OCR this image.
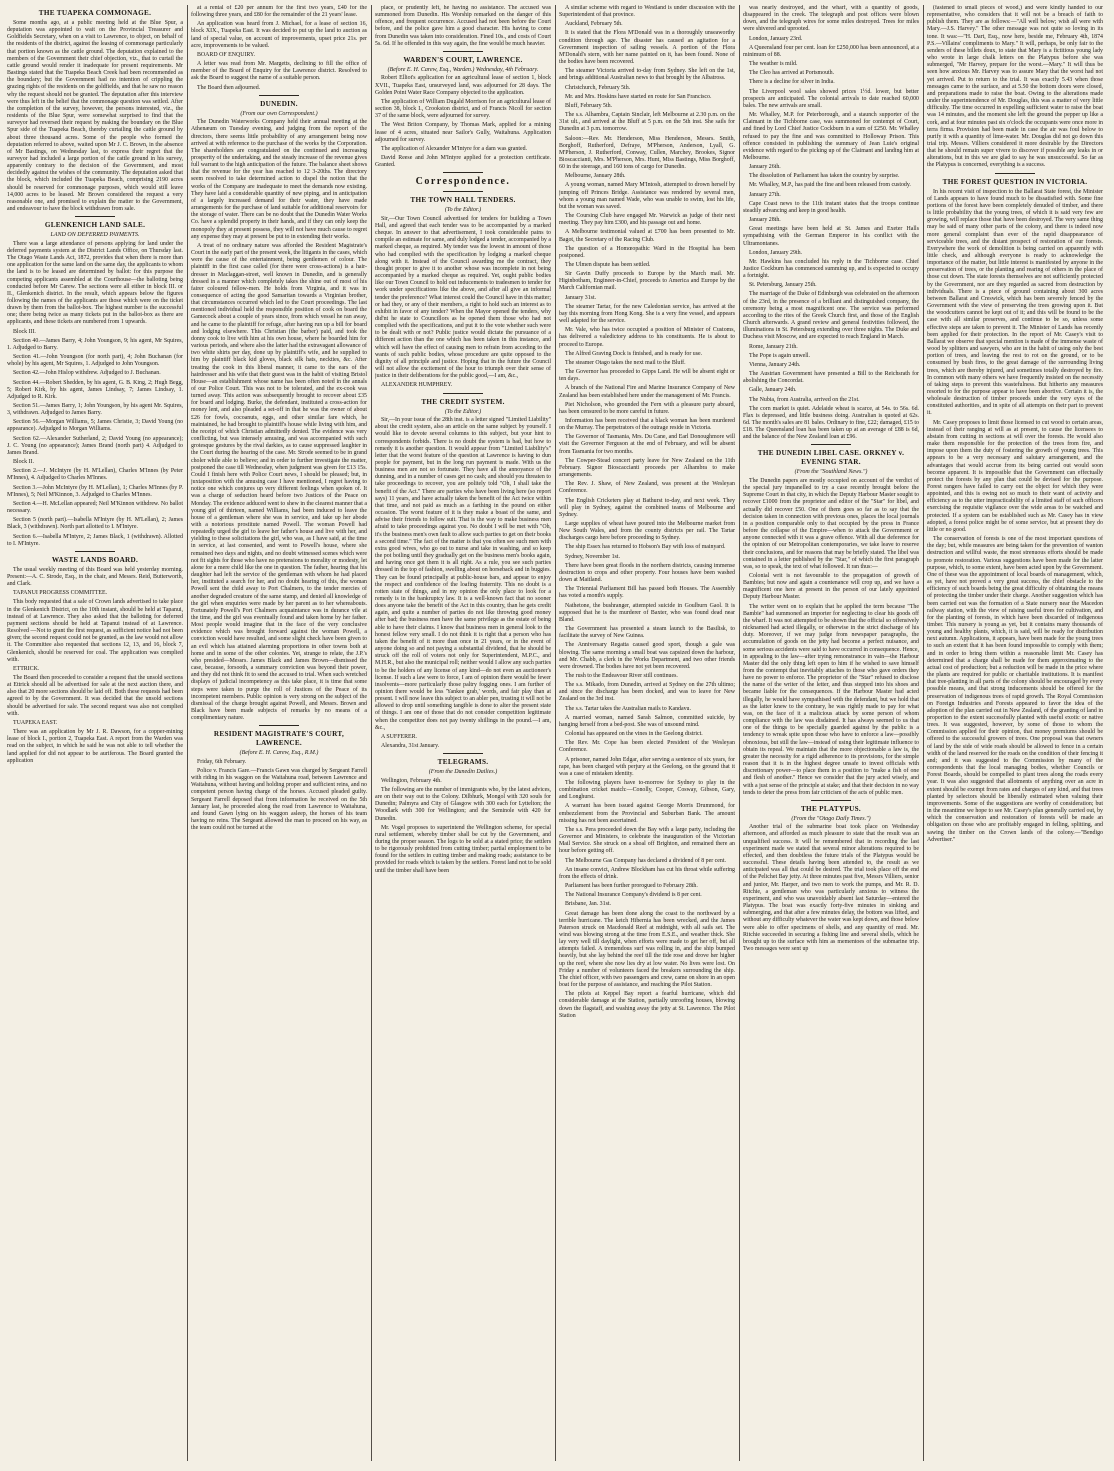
THE TUAPEKA COMMONAGE.

Some months ago, at a public meeting held at the Blue Spur, a deputation was appointed to wait on the Provincial Treasurer and Goldfields Secretary, when on a visit to Lawrence, to object, on behalf of the residents of the district, against the leasing of commonage particularly that portion known as the cattle ground. The deputation explained to the members of the Government their chief objection, viz., that to curtail the cattle ground would render it inadequate for present requirements. Mr Bastings stated that the Tuapeka Beach Creek had been recommended as the boundary; but the Government had no intention of crippling the grazing rights of the residents on the goldfields, and that he saw no reason why the request should not be granted. The deputation after this interview were thus left in the belief that the commonage question was settled. After the completion of the survey, however, the persons interested, viz., the residents of the Blue Spur, were somewhat surprised to find that the surveyor had reversed their request by making the boundary on the Blue Spur side of the Tuapeka Beach, thereby curtailing the cattle ground by about three thousand acres. Some of the people who formed the deputation referred to above, waited upon Mr J. C. Brown, in the absence of Mr Bastings, on Wednesday last, to express their regret that the surveyor had included a large portion of the cattle ground in his survey, apparently contrary to the decision of the Government, and most decidedly against the wishes of the community. The deputation asked that the block, which included the Tuapeka Beach, comprising 2190 acres should be reserved for commonage purposes, which would still leave 14,000 acres to be leased. Mr Brown considered the request a very reasonable one, and promised to explain the matter to the Government, and endeavour to have the block withdrawn from sale.

GLENKENICH LAND SALE.
LAND ON DEFERRED PAYMENTS.

There was a large attendance of persons applying for land under the deferred payments system at the District Lands Office, on Thursday last. The Otago Waste Lands Act, 1872, provides that when there is more than one application for the same land on the same day, the applicants to whom the land is to be leased are determined by ballot: for this purpose the competing applicants assembled at the Courthouse—the balloting being conducted before Mr Carew. The sections were all either in block III. or II., Glenkenich district. In the result, which appears below the figures following the names of the applicants are those which were on the ticket drawn by them from the ballot-box. The highest number is the successful one; there being twice as many tickets put in the ballot-box as there are applicants, and these tickets are numbered from 1 upwards.

Block III.

Section 40.—James Barry, 4; John Youngson, 9; his agent, Mr Squires, 1. Adjudged to Barry.

Section 41.—John Youngson (for north part), 4; John Buchanan (for whole) by his agent, Mr Squires, 1. Adjudged to John Youngson.

Section 42.—John Hislop withdrew. Adjudged to J. Buchanan.

Section 44.—Robert Shedden, by his agent, G. B. King, 2; Hugh Begg, 5; Robert Kirk, by his agent, James Lindsay, 7; James Lindsay, 1. Adjudged to R. Kirk.

Section 51.—James Barry, 1; John Youngson, by his agent Mr. Squires, 3, withdrawn. Adjudged to James Barry.

Section 56.—Morgan Williams, 5; James Christie, 3; David Young (no appearance). Adjudged to Morgan Williams.

Section 62.—Alexander Sutherland, 2; David Young (no appearance); J. C. Young (no appearance); James Brand (north part) 4. Adjudged to James Brand.

Block II.

Section 2.—J. McIntyre (by H. M'Lellan), Charles M'Innes (by Peter M'Innes), 4. Adjudged to Charles M'Innes.

Section 3.—John McIntyre (by H. M'Lellan), 1; Charles M'Innes (by P. M'Innes), 5; Neil M'Kinnon, 3. Adjudged to Charles M'Innes.

Section 4.—H. McLellan appeared; Neil M'Kinnon withdrew. No ballot necessary.

Section 5 (north part).—Isabella M'Intyre (by H. M'Lellan), 2; James Black, 3 (withdrawn). North part allotted to I. M'Intyre.

Section 6.—Isabella M'Intyre, 2; James Black, 1 (withdrawn). Allotted to I. M'Intyre.

WASTE LANDS BOARD.

The usual weekly meeting of this Board was held yesterday morning. Present:—A. C. Strode, Esq., in the chair, and Messrs. Reid, Butterworth, and Clark.

TAPANUI PROGRESS COMMITTEE.

This body requested that a sale of Crown lands advertised to take place in the Glenkenich District, on the 10th instant, should be held at Tapanui, instead of at Lawrence. They also asked that the balloting for deferred payment sections should be held at Tapanui instead of at Lawrence. Resolved —Not to grant the first request, as sufficient notice had not been given; the second request could not be granted, as the law would not allow it. The Committee also requested that sections 12, 13, and 16, block 7, Glenkenich, should be reserved for coal. The application was complied with.

ETTRICK.

The Board then proceeded to consider a request that the unsold sections at Ettrick should all be advertised for sale at the next auction there, and also that 20 more sections should be laid off. Both these requests had been agreed to by the Government. It was decided that the unsold sections should be advertised for sale. The second request was also not complied with.

TUAPEKA EAST.

There was an application by Mr J. R. Dawson, for a copper-mining lease of block I., portion 2, Tuapeka East. A report from the Warden was read on the subject, in which he said he was not able to tell whether the land applied for did not appear to be auriferous. The Board granted the application

at a rental of £20 per annum for the first two years, £40 for the following three years, and £80 for the remainder of the 21 years' lease.

An application was heard from J. Michael, for a lease of section 16, block XIX., Tuapeka East. It was decided to put up the land to auction as land of special value, on account of improvements, upset price 21s. per acre, improvements to be valued.

BOARD OF ENQUIRY.

A letter was read from Mr. Margetts, declining to fill the office of member of the Board of Enquiry for the Lawrence district. Resolved to ask the Board to suggest the name of a suitable person.

The Board then adjourned.

DUNEDIN.
(From our own Correspondent.)

The Dunedin Waterworks Company held their annual meeting at the Athenæum on Tuesday evening, and judging from the report of the directors, there seems little probability of any arrangement being now arrived at with reference to the purchase of the works by the Corporation. The shareholders are congratulated on the continued and increasing prosperity of the undertaking, and the steady increase of the revenue gives full warrant to the high anticipation of the future. The balance sheet shows that the revenue for the year has reached to 12 3-20ths. The directory seem resolved to take determined action to dispel the notion that the works of the Company are inadequate to meet the demands now existing. They have laid a considerable quantity of new piping, and in anticipation of a largely increased demand for their water, they have made arrangements for the purchase of land suitable for additional reservoirs for the storage of water. There can be no doubt that the Dunedin Water Works Co. have a splendid property in their hands, and if they can only keep the monopoly they at present possess, they will not have much cause to regret any expense they may at present be put to in extending their works.

A treat of no ordinary nature was afforded the Resident Magistrate's Court in the early part of the present week, the litigants in the cases, which were the cause of the entertainment, being gentlemen of colour. The plaintiff in the first case called (for there were cross-actions) is a hair-dresser in Maclaggan-street, well known in Dunedin, and is generally dressed in a manner which completely takes the shine out of most of his fairer coloured fellow-men. He holds from Virginia, and it was in consequence of acting the good Samaritan towards a Virginian brother, that circumstances occurred which led to the Court proceedings. The last mentioned individual held the responsible position of cook on board the Gamecock about a couple of years since, from which vessel he ran away, and he came to the plaintiff for refuge, after having run up a bill for board and lodging elsewhere. This Christian (the barber) paid, and took the donny cook to live with him at his own house, where he boarded him for various periods, and where also the latter had the extravagant allowance of two white shirts per day, done up by plaintiff's wife, and he supplied to him by plaintiff black kid gloves, black silk hats, neckties, &c. After treating the cook in this liberal manner, it came to the ears of the hairdresser and his wife that their guest was in the habit of visiting Bristol House—an establishment whose name has been often noted in the annals of our Police Court. This was not to be tolerated, and the ex-cook was turned away. This action was subsequently brought to recover about £35 for board and lodging. Burke, the defendant, instituted a cross-action for money lent, and also pleaded a set-off in that he was the owner of about £26 for fowls, cocoanuts, eggs, and other similar fare which, he maintained, he had brought to plaintiff's house while living with him, and the receipt of which Christian admittedly denied. The evidence was very conflicting, but was intensely amusing, and was accompanied with such grotesque gestures by the rival darkies, as to cause suppressed laughter in the Court during the hearing of the case. Mr. Strode seemed to be in grand choler while able to believe; and in order to further investigate the matter, postponed the case till Wednesday, when judgment was given for £13 15s. Could I finish here with Police Court news, I should be pleased; but, in juxtaposition with the amusing case I have mentioned, I regret having to notice one which conjures up very different feelings when spoken of. It was a charge of seduction heard before two Justices of the Peace on Monday. The evidence adduced went to shew in the clearest manner that a young girl of thirteen, named Williams, had been induced to leave the house of a gentleman where she was in service, and take up her abode with a notorious prostitute named Powell. The woman Powell had repeatedly urged the girl to leave her father's house and live with her, and yielding to these solicitations the girl, who was, as I have said, at the time in service, at last consented, and went to Powell's house, where she remained two days and nights, and no doubt witnessed scenes which were not fit sights for those who have no pretensions to morality or modesty, let alone for a mere child like the one in question. The father, hearing that his daughter had left the service of the gentleman with whom he had placed her, instituted a search for her, and no doubt hearing of this, the woman Powell sent the child away to Port Chalmers, to the tender mercies of another degraded creature of the same stamp, and denied all knowledge of the girl when enquiries were made by her parent as to her whereabouts. Fortunately Powell's Port Chalmers acquaintance was in durance vile at the time, and the girl was eventually found and taken home by her father. Most people would imagine that in the face of the very conclusive evidence which was brought forward against the woman Powell, a conviction would have resulted, and some slight check have been given to an evil which has attained alarming proportions in other towns both at home and in some of the other colonies. Yet, strange to relate, the J.P.'s who presided—Messrs. James Black and James Brown—dismissed the case, because, forsooth, a summary conviction was beyond their power, and they did not think fit to send the accused to trial. When such wretched displays of judicial incompetency as this take place, it is time that some steps were taken to purge the roll of Justices of the Peace of its incompetent members. Public opinion is very strong on the subject of the dismissal of the charge brought against Powell, and Messrs. Brown and Black have been made subjects of remarks by no means of a complimentary nature.

RESIDENT MAGISTRATE'S COURT, LAWRENCE.
(Before E. H. Carew, Esq., R.M.)

Friday, 6th February.

Police v. Francis Gare.—Francis Gawn was charged by Sergeant Farrell with riding in his waggon on the Waitahuna road, between Lawrence and Waitahuna, without having and holding proper and sufficient reins, and no competent person having charge of the horses. Accused pleaded guilty. Sergeant Farrell deposed that from information he received on the 5th January last, he proceeded along the road from Lawrence to Waitahuna, and found Gawn lying on his waggon asleep, the horses of his team having no reins. The Sergeant allowed the man to proceed on his way, as the team could not be turned at the

place, or prudently left, he having no assistance. The accused was summoned from Dunedin. His Worship remarked on the danger of this offence, and frequent occurrence. Accused had not been before the Court before, and the police gave him a good character. His having to come from Dunedin was taken into consideration. Fined 10s., and costs of Court 5s. 6d. If he offended in this way again, the fine would be much heavier.

WARDEN'S COURT, LAWRENCE.
(Before E. H. Carew, Esq., Warden.) Wednesday, 4th February.

Robert Elliot's application for an agricultural lease of section 1, block XVII., Tuapeka East, unsurveyed land, was adjourned for 28 days. The Golden Point Water Race Company objected to the application.

The application of William Dugald Morrison for an agricultural lease of section 38, block I., Crookston district, and of Francis Nicoll for section 37 of the same block, were adjourned for survey.

The West Briton Company, by Thomas Mark, applied for a mining lease of 4 acres, situated near Sailor's Gully, Waitahuna. Application adjourned for survey.

The application of Alexander M'Intyre for a dam was granted.

David Reese and John M'Intyre applied for a protection certificate. Granted.

Correspondence.
THE TOWN HALL TENDERS.
(To the Editor.)

Sir,—Our Town Council advertised for tenders for building a Town Hall, and agreed that each tender was to be accompanied by a marked cheque. In answer to that advertisement, I took considerable pains to compile an estimate for same, and duly lodged a tender, accompanied by a marked cheque, as required. My tender was the lowest in amount of those who had complied with the specification by lodging a marked cheque along with it. Instead of the Council awarding me the contract, they thought proper to give it to another whose was incomplete in not being accompanied by a marked cheque as required. Yet, ought public bodies like our Town Council to hold out inducements to tradesmen to tender for work under specifications like the above, and after all give an informal tender the preference? What interest could the Council have in this matter; or had they, or any of their members, a right to hold such an interest as to exhibit in favor of any tender? When the Mayor opened the tenders, why did'nt he state to Councillors as he opened them those who had not complied with the specifications, and put it to the vote whether such were to be dealt with or not? Public justice would dictate the pursuance of a different action than the one which has been taken in this instance, and which will have the effect of causing men to refrain from acceding to the wants of such public bodies, whose procedure are quite opposed to the dignity of all principle and justice. Hoping that in the future the Council will not allow the excitement of the hour to triumph over their sense of justice in their deliberations for the public good,—I am, &c.,

ALEXANDER HUMPHREY.

THE CREDIT SYSTEM.
(To the Editor.)

Sir,—In your issue of the 28th inst. is a letter signed "Limited Liability" about the credit system, also an article on the same subject by yourself. I would like to devote several columns to this subject, but your hint to correspondents forbids. There is no doubt the system is bad, but how to remedy it is another question. It would appear from "Limited Liability's" letter that the worst feature of the question at Lawrence is having to dun people for payment, but in the long run payment is made. With us the business men are not so fortunate. They have all the annoyance of the dunning, and in a number of cases get no cash; and should you threaten to take proceedings to recover, you are politely told "Oh, I shall take the benefit of the Act." There are parties who have been living here (so report says) 11 years, and have actually taken the benefit of the Act twice within that time, and not paid as much as a farthing in the pound on either occasion. The worst feature of it is they make a boast of the same, and advise their friends to follow suit. That is the way to make business men afraid to take proceedings against you. No doubt I will be met with "Oh, it's the business men's own fault to allow such parties to get on their books a second time." The fact of the matter is that you often see such men with extra good wives, who go out to nurse and take in washing, and so keep the pot boiling until they gradually get on the business men's books again, and having once got them it is all right. As a rule, you see such parties dressed in the top of fashion, swelling about on horseback and in buggies. They can be found principally at public-house bars, and appear to enjoy the respect and confidence of the loafing fraternity. This no doubt is a rotten state of things, and in my opinion the only place to look for a remedy is in the bankruptcy law. It is a well-known fact that no sooner does anyone take the benefit of the Act in this country, than he gets credit again, and quite a number of parties do not like throwing good money after bad; the business men have the same privilege as the estate of being able to have their claims. I know that business men in general look to the honest fellow very small. I do not think it is right that a person who has taken the benefit of it more than once in 21 years, or in the event of anyone doing so and not paying a substantial dividend, that he should be struck off the roll of voters not only for Superintendent, M.P.C., and M.H.R., but also the municipal roll; neither would I allow any such parties to be the holders of any license of any kind—do not even an auctioneer's license. If such a law were to force, I am of opinion there would be fewer insolvents—more particularly those paltry fogging ones. I am further of opinion there would be less 'Yankee grab,' words, and fair play than at present. I will now leave this subject to an abler pen, trusting it will not be allowed to drop until something tangible is done to alter the present state of things. I am one of those that do not consider competition legitimate when the competitor does not pay twenty shillings in the pound.—I am, &c.,

A SUFFERER.

Alexandra, 31st January.

TELEGRAMS.
(From the Dunedin Dailies.)

Wellington, February 4th.

The following are the number of immigrants who, by the latest advices, are on their way out to the Colony. Dilbhurk, Mongol with 320 souls for Dunedin; Palmyra and City of Glasgow with 300 each for Lyttelton; the Woodlark with 300 for Wellington; and the Seminole with 420 for Dunedin.

Mr. Vogel proposes to superintend the Wellington scheme, for special rural settlement, whereby timber shall be cut by the Government, and during the proper season. The logs to be sold at a stated price; the settlers to be rigorously prohibited from cutting timber; partial employment to be found for the settlers in cutting timber and making roads; assistance to be provided for roads which is taken by the settlers. Forest land not to be sold until the timber shall have been

A similar scheme with regard to Westland is under discussion with the Superintendent of that province.

Auckland, February 5th.

It is stated that the Flora M'Donald was in a thoroughly unseaworthy condition through age. The disaster has caused an agitation for a Government inspection of sailing vessels. A portion of the Flora M'Donald's stern, with her name painted on it, has been found. None of the bodies have been recovered.

The steamer Victoria arrived to-day from Sydney. She left on the 1st, and brings additional Australian news to that brought by the Albatross.

Christchurch, February 5th.

Mr. and Mrs. Hoskins have started en route for San Francisco.

Bluff, February 5th.

The s.s. Alhambra, Captain Sinclair, left Melbourne at 2.30 p.m. on the 31st ult., and arrived at the Bluff at 5 p.m. on the 5th inst. She sails for Dunedin at 3 p.m. tomorrow.

Saloon:—Rev. Mr. Henderson, Miss Henderson, Messrs. Smith, Borghoff, Rutherford, Defraye, M'Pherson, Anderson, Lyall, G. M'Pherson, J. Rutherford, Conway, Cullen, Marchey, Brookes, Signor Bioscaccianti, Mrs. M'Pherson, Mrs. Hunt, Miss Bastings, Miss Borghoff, 60 in the steerage, and 160 tons of cargo for Dunedin.

Melbourne, January 28th.

A young woman, named Mary M'Intosh, attempted to drown herself by jumping off Princes Bridge. Assistance was rendered by several men, whom a young man named Wade, who was unable to swim, lost his life, but the woman was saved.

The Coursing Club have engaged Mr. Warwick as judge of their next meeting. They pay him £300, and his passage out and home.

A Melbourne testimonial valued at £700 has been presented to Mr. Bagot, the Secretary of the Racing Club.

The question of a Homœopathic Ward in the Hospital has been postponed.

The Ulmen dispute has been settled.

Sir Gavin Duffy proceeds to Europe by the March mail. Mr. Higinbotham, Engineer-in-Chief, proceeds to America and Europe by the March Californian mail.

January 31st.

The steamer Tartar, for the new Caledonian service, has arrived at the bay this morning from Hong Kong. She is a very fine vessel, and appears well adapted for the service.

Mr. Vale, who has twice occupied a position of Minister of Customs, has delivered a valedictory address to his constituents. He is about to proceed to Europe.

The Alfred Graving Dock is finished, and is ready for use.

The steamer Otago takes the next mail to the Bluff.

The Governor has proceeded to Gipps Land. He will be absent eight or ten days.

A branch of the National Fire and Marine Insurance Company of New Zealand has been established here under the management of Mr. Francis.

Piet Nicholson, who grounded the Fern with a pleasure party aboard, has been censured to be more careful in future.

Information has been received that a black woman has been murdered on the Murray. The perpetrators of the outrage reside in Victoria.

The Governor of Tasmania, Mrs. Du Cane, and Earl Donoughmore will visit the Governor Ferguson at the end of February, and will be absent from Tasmania for two months.

The Cowper-Stead concert party leave for New Zealand on the 11th February. Signor Bioscaccianti proceeds per Alhambra to make arrangements.

The Rev. J. Shaw, of New Zealand, was present at the Wesleyan Conference.

The English Cricketers play at Bathurst to-day, and next week. They will play in Sydney, against the combined teams of Melbourne and Sydney.

Large supplies of wheat have poured into the Melbourne market from New South Wales, and from the county districts per rail. The Tartar discharges cargo here before proceeding to Sydney.

The ship Essex has returned to Hobson's Bay with loss of mainyard.

Sydney, November 1st.

There have been great floods in the northern districts, causing immense destruction to crops and other property. Four houses have been washed down at Maitland.

The Triennial Parliament Bill has passed both Houses. The Assembly has voted a month's supply.

Nathetone, the bushranger, attempted suicide in Goulburn Gaol. It is supposed that he is the murderer of Baxter, who was found dead near Bland.

The Government has presented a steam launch to the Basilisk, to facilitate the survey of New Guinea.

The Anniversary Regatta caused good sport, though a gale was blowing. The same morning a small boat was capsized down the harbour, and Mr. Chabb, a clerk in the Works Department, and two other friends were drowned. The bodies have not yet been recovered.

The rush to the Endeavour River still continues.

The s.s. Mikado, from Dunedin, arrived at Sydney on the 27th ultimo; and since the discharge has been docked, and was to leave for New Zealand on the 3rd inst.

The s.s. Tartar takes the Australian mails to Kandavu.

A married woman, named Sarah Salmon, committed suicide, by hanging herself from a bed-post. She was of unsound mind.

Colonial has appeared on the vines in the Geelong district.

The Rev. Mr. Cope has been elected President of the Wesleyan Conference.

A prisoner, named John Edgar, after serving a sentence of six years, for rape, has been charged with perjury at the Geelong, on the ground that it was a case of mistaken identity.

The following players have to-morrow for Sydney to play in the combination cricket match:—Conolly, Cooper, Cosway, Gibson, Gary, and Longhurst.

A warrant has been issued against George Morris Drummond, for embezzlement from the Provincial and Suburban Bank. The amount missing has not been ascertained.

The s.s. Pera proceeded down the Bay with a large party, including the Governor and Ministers, to celebrate the inauguration of the Victorian Mail Service. She struck on a shoal off Brighton, and remained there an hour before getting off.

The Melbourne Gas Company has declared a dividend of 8 per cent.

An insane convict, Andrew Blockham has cut his throat while suffering from the effects of drink.

Parliament has been further prorogued to February 28th.

The National Insurance Company's dividend is 8 per cent.

Brisbane, Jan. 31st.

Great damage has been done along the coast to the northward by a terrible hurricane. The ketch Hibernia has been wrecked, and the James Paterson struck on Macdonald Reef at midnight, with all sails set. The wind was blowing strong at the time from E.S.E., and weather thick. She lay very well till daylight, when efforts were made to get her off, but all attempts failed. A tremendous surf was rolling in, and the ship bumped heavily, but she lay behind the reef till the tide rose and drove her higher up the reef, where she now lies dry at low water. No lives were lost. On Friday a number of volunteers faced the breakers surrounding the ship. The chief officer, with two passengers and crew, came on shore in an open boat for the purpose of assistance, and reaching the Pilot Station.

The pilots at Keppel Bay report a fearful hurricane, which did considerable damage at the Station, partially unroofing houses, blowing down the flagstaff, and washing away the jetty at St. Lawrence. The Pilot Station

was nearly destroyed, and the wharf, with a quantity of goods, disappeared in the creek. The telegraph and post offices were blown down, and the telegraph wires for some miles destroyed. Trees for miles were shivered and uprooted.

London, January 23rd.

A Queensland four per cent. loan for £250,000 has been announced, at a minimum of 88.

The weather is mild.

The Cleo has arrived at Portsmouth.

There is a decline for silver in India.

The Liverpool wool sales showed prices 1½d. lower, but better prospects are anticipated. The colonial arrivals to date reached 60,000 bales. The new arrivals are small.

Mr. Whalley, M.P. for Peterborough, and a staunch supporter of the Claimant in the Tichborne case, was summoned for contempt of Court, and fined by Lord Chief Justice Cockburn in a sum of £250. Mr. Whalley refused to pay the fine and was committed to Holloway Prison. This offence consisted in publishing the summary of Jean Luie's original evidence with regard to the picking up of the Claimant and landing him at Melbourne.

January 26th.

The dissolution of Parliament has taken the country by surprise.

Mr. Whalley, M.P., has paid the fine and been released from custody.

January 27th.

Cape Coast news to the 11th instant states that the troops continue steadily advancing and keep in good health.

January 28th.

Great meetings have been held at St. James and Exeter Halls sympathising with the German Emperor in his conflict with the Ultramontanes.

London, January 29th.

Mr. Hawkins has concluded his reply in the Tichborne case. Chief Justice Cockburn has commenced summing up, and is expected to occupy a fortnight.

St. Petersburg, January 25th.

The marriage of the Duke of Edinburgh was celebrated on the afternoon of the 23rd, in the presence of a brilliant and distinguished company, the ceremony being a most magnificent one. The service was performed according to the rites of the Greek Church first, and those of the English Church afterwards. A grand review and general festivities followed, the illuminations in St. Petersburg extending over three nights. The Duke and Duchess visit Moscow, and are expected to reach England in March.

Rome, January 21th.

The Pope is again unwell.

Vienna, January 24th.

The Austrian Government have presented a Bill to the Reichsrath for abolishing the Concordat.

Galle, January 24th.

The Nubia, from Australia, arrived on the 21st.

The corn market is quiet. Adelaide wheat is scarce, at 54s. to 56s. 6d. Flax is depressed, and little business doing. Australian is quoted at 62s. 6d. The month's sales are 81 bales. Ordinary to fine, £22; damaged, £15 to £18. The Queensland loan has been taken up at an average of £88 is 6d, and the balance of the New Zealand loan at £96.

THE DUNEDIN LIBEL CASE. ORKNEY v. EVENING STAR.
(From the "Southland News.")

The Dunedin papers are mostly occupied on account of the verdict of the special jury impanelled to try a case recently brought before the Supreme Court in that city, in which the Deputy Harbour Master sought to recover £1000 from the proprietor and editor of the "Star" for libel, and actually did recover £50. One of them goes so far as to say that the decision taken in connection with previous ones, places the local journals in a position comparable only to that occupied by the press in France before the collapse of the Empire—when to attack the Government or anyone connected with it was a grave offence. With all due deference for the opinion of our Metropolitan contemporaries, we take leave to reserve their conclusions, and for reasons that may be briefly stated. The libel was contained in a letter published by the "Star," of which the first paragraph was, so to speak, the text of what followed. It ran thus:—

Colonial writ is not favourable to the propagation of growth of Bambies; but now and again a countenance will crop up, and we have a magnificent one here at present in the person of our lately appointed Deputy Harbour Master.

The writer went on to explain that he applied the term because "The Bambie" had summoned an importer for neglecting to clear his goods off the wharf. It was not attempted to be shown that the official so offensively nicknamed had acted illegally, or otherwise in the strict discharge of his duty. Moreover, if we may judge from newspaper paragraphs, the accumulation of goods on the jetty had become a perfect nuisance, and some serious accidents were said to have occurred in consequence. Hence, in appealing to the law—after trying remonstrance in vain—the Harbour Master did the only thing left open to him if he wished to save himself from the contempt that inevitably attaches to those who gave orders they have no power to enforce. The proprietor of the "Star" refused to disclose the name of the writer of the letter, and thus stepped into his shoes and became liable for the consequences. If the Harbour Master had acted illegally, he would have sympathised with the defendant, but we hold that as the latter knew to the contrary, he was rightly made to pay for what was, on the face of it a malicious attack by some person of whom compliance with the law was disdained. It has always seemed to us that one of the things to be specially guarded against by the public is a tendency to wreak spite upon those who have to enforce a law—possibly obnoxious, but still the law—instead of using their legitimate influence to obtain its repeal. We maintain that the more objectionable a law is, the greater the necessity for a rigid adherence to its provisions, for the simple reason that it is in the highest degree unsafe to invest officials with discretionary power—to place them in a position to "make a fish of one and flesh of another." Hence we consider that the jury acted wisely, and with a just sense of the principle at stake; and that their decision in no way tends to deter the press from fair criticism of the acts of public men.

THE PLATYPUS.
(From the "Otago Daily Times.")

Another trial of the submarine boat took place on Wednesday afternoon, and afforded as much pleasure to state that the result was an unqualified success. It will be remembered that in recording the last experiment made we stated that several minor alterations required to be effected, and then doubtless the future trials of the Platypus would be successful. These details having been attended to, the result as we anticipated was all that could be desired. The trial took place off the end of the Pelichet Bay jetty. At three minutes past five, Messrs Villiers, senior and junior, Mr. Harper, and two men to work the pumps, and Mr. R. D. Ritchie, a gentleman who was particularly anxious to witness the experiment, and who was unavoidably absent last Saturday—entered the Platypus. The boat was exactly forty-five minutes in sinking and submerging, and that after a few minutes delay, the bottom was lifted, and without any difficulty whatever the water was kept down, and those below were able to offer specimens of shells, and any quantity of mud. Mr. Ritchie succeeded in securing a fishing line and several shells, which he brought up to the surface with him as mementoes of the submarine trip. Two messages were sent up

(fastened to small pieces of wood,) and were kindly handed to our representative, who considers that it will not be a breach of faith to publish them. They are as follows:—"All well below; wish all were with Mary.—J.S. Harvey." The other message was not quite so loving in its tone. It was:—"H. Dart, Esq., now here, beside me, February 4th, 1874 P.S.—Villains' compliments to Mary." It will, perhaps, be only fair to the senders of these billets doux, to state that Mary is a fictitious young lady who wrote in large chalk letters on the Platypus before she was submerged, "Mr Harvey, prepare for the worst.—Mary." It will thus be seen how anxious Mr. Harvey was to assure Mary that the worst had not yet arrived. Put to return to the trial. It was exactly 5.43 when those messages came to the surface, and at 5.50 the bottom doors were closed, and preparations made to raise the boat. Owing to the alterations made under the superintendence of Mr. Douglas, this was a matter of very little difficulty. The time occurred in expelling sufficient water to raise the boat was 14 minutes, and the moment she left the ground the pepper up like a cork, and at four minutes past six o'clock the occupants were once more in terra firma. Provision had been made in case the air was foul below to purify it with a quantity of lime-water. Mr. Douglas did not go down this trial trip. Messrs. Villiers considered it more desirable by the Directors that he should remain super vivere to discover if possible any leaks in or alterations, but in this we are glad to say he was unsuccessful. So far as the Platypus is concerned, everything is a success.

THE FOREST QUESTION IN VICTORIA.

In his recent visit of inspection to the Ballarat State forest, the Minister of Lands appears to have found much to be dissatisfied with. Some fine portions of the forest have been completely denuded of timber, and there is little probability that the young trees, of which it is said very few are growing, will replace those that have been destroyed. The very same thing may be said of many other parts of the colony, and there is indeed now more general complaint than ever of the rapid disappearance of serviceable trees, and the distant prospect of restoration of our forests. Everywhere the work of demolition is being carried on apparently with little check, and although everyone is ready to acknowledge the importance of the matter, but little interest is manifested by anyone in the preservation of trees, or the planting and rearing of others in the place of those cut down. The state forests themselves are not sufficiently protected by the Government, nor are they regarded as sacred from destruction by individuals. There is a piece of ground containing about 300 acres between Ballarat and Creswick, which has been severely fenced by the Government with the view of preserving the trees growing upon it. But the woodcutters cannot be kept out of it; and this will be found to be the case with all similar preserves, and continue to be so, unless some effective steps are taken to prevent it. The Minister of Lands has recently been applied for their protection. In the report of Mr. Casey's visit to Ballarat we observe that special mention is made of the immense waste of wood by splitters and sawyers, who are in the habit of using only the best portion of trees, and leaving the rest to rot on the ground, or to be consumed by bush fires, to the great damage of the surrounding living trees, which are thereby injured, and sometimes totally destroyed by fire. In common with many others we have frequently insisted on the necessity of taking steps to prevent this wastefulness. But hitherto any measures resorted to for the purpose appear to have been abortive. Certain it is, the wholesale destruction of timber proceeds under the very eyes of the constituted authorities, and in spite of all attempts on their part to prevent it.

Mr. Casey proposes to limit those licensed to cut wood to certain areas, instead of their ranging at will as at present, to cause the licensees to abstain from cutting in sections at will over the forests. He would also make them responsible for the protection of the trees from fire, and impose upon them the duty of fostering the growth of young trees. This appears to be a very necessary and salutary arrangement, and the advantages that would accrue from its being carried out would soon become apparent. It is impossible that the Government can effectually protect the forests by any plan that could be devised for the purpose. Forest rangers have failed to carry out the object for which they were appointed, and this is owing not so much to their want of activity and efficiency as to the utter impracticability of a limited staff of such officers exercising the requisite vigilance over the wide areas to be watched and protected. If a system can be established such as Mr. Casey has in view adopted, a forest police might be of some service, but at present they do little or no good.

The conservation of forests is one of the most important questions of the day; but, while measures are being taken for the prevention of wanton destruction and willful waste, the most strenuous efforts should be made to promote restoration. Various suggestions have been made for the latter purpose, which, to some extent, have been acted upon by the Government. One of these was the appointment of local boards of management, which, as yet, have not proved a very great success, the chief obstacle to the efficiency of such boards being the great difficulty of obtaining the means of protecting the timber under their charge. Another suggestion which has been carried out was the formation of a State nursery near the Macedon railway station, with the view of raising useful trees for cultivation, and for the planting of forests, in which have been discarded of indigenous timber. This nursery is young as yet, but it contains many thousands of young and healthy plants, which, it is said, will be ready for distribution next autumn. Applications, it appears, have been made for the young trees to such an extent that it has been found impossible to comply with them; and in order to bring them within a reasonable limit Mr. Casey has determined that a charge shall be made for them approximating to the actual cost of production; but a reduction will be made in the price where the plants are required for public or charitable institutions. It is manifest that tree-planting in all parts of the colony should be encouraged by every possible means, and that strong inducements should be offered for the preservation of indigenous trees of rapid growth. The Royal Commission on Foreign Industries and Forests appeared to favor the idea of the adoption of the plan carried out in New Zealand, of the granting of land in proportion to the extent successfully planted with useful exotic or native trees. It was suggested, however, by some of those to whom the Commission applied for their opinion, that money premiums should be offered to the successful growers of trees. One proposal was that owners of land by the side of wide roads should be allowed to fence in a certain width of the land reserved for the roads on the condition of their fencing it and; and it was suggested to the Commission by many of the correspondents that the local managing bodies, whether Councils or Forest Boards, should be compelled to plant trees along the roads every year. It was also suggested that allotments of anything over an acre in extent should be exempt from rates and charges of any kind, and that trees planted by selectors should be liberally estimated when valuing their improvements. Some of the suggestions are worthy of consideration; but in the meantime we hope to see Mr. Casey's plan generally carried out, by which the conservation and restoration of forests will be made an obligation on those who are profitably engaged in felling, splitting, and sawing the timber on the Crown lands of the colony.—"Bendigo Advertiser."
